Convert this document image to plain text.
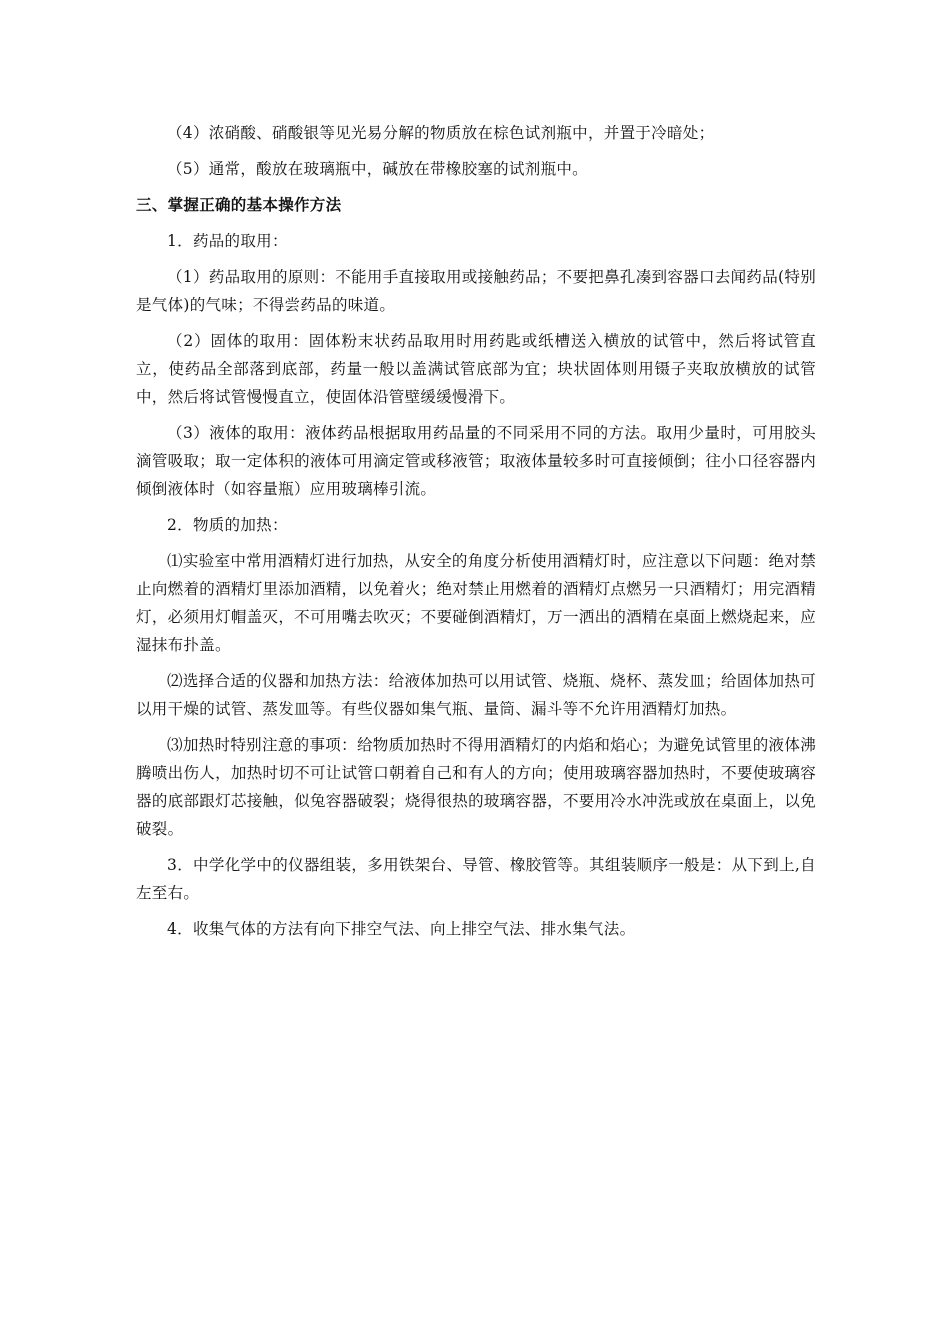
（4）浓硝酸、硝酸银等见光易分解的物质放在棕色试剂瓶中，并置于冷暗处；

（5）通常，酸放在玻璃瓶中，碱放在带橡胶塞的试剂瓶中。

三、掌握正确的基本操作方法

1．药品的取用：

（1）药品取用的原则：不能用手直接取用或接触药品；不要把鼻孔凑到容器口去闻药品(特别是气体)的气味；不得尝药品的味道。

（2）固体的取用：固体粉末状药品取用时用药匙或纸槽送入横放的试管中，然后将试管直立，使药品全部落到底部，药量一般以盖满试管底部为宜；块状固体则用镊子夹取放横放的试管中，然后将试管慢慢直立，使固体沿管壁缓缓慢滑下。

（3）液体的取用：液体药品根据取用药品量的不同采用不同的方法。取用少量时，可用胶头滴管吸取；取一定体积的液体可用滴定管或移液管；取液体量较多时可直接倾倒；往小口径容器内倾倒液体时（如容量瓶）应用玻璃棒引流。

2．物质的加热：

⑴实验室中常用酒精灯进行加热，从安全的角度分析使用酒精灯时，应注意以下问题：绝对禁止向燃着的酒精灯里添加酒精，以免着火；绝对禁止用燃着的酒精灯点燃另一只酒精灯；用完酒精灯，必须用灯帽盖灭，不可用嘴去吹灭；不要碰倒酒精灯，万一洒出的酒精在桌面上燃烧起来，应湿抹布扑盖。

⑵选择合适的仪器和加热方法：给液体加热可以用试管、烧瓶、烧杯、蒸发皿；给固体加热可以用干燥的试管、蒸发皿等。有些仪器如集气瓶、量筒、漏斗等不允许用酒精灯加热。

⑶加热时特别注意的事项：给物质加热时不得用酒精灯的内焰和焰心；为避免试管里的液体沸腾喷出伤人，加热时切不可让试管口朝着自己和有人的方向；使用玻璃容器加热时，不要使玻璃容器的底部跟灯芯接触，似兔容器破裂；烧得很热的玻璃容器，不要用冷水冲洗或放在桌面上，以免破裂。

3．中学化学中的仪器组装，多用铁架台、导管、橡胶管等。其组装顺序一般是：从下到上,自左至右。

4．收集气体的方法有向下排空气法、向上排空气法、排水集气法。
